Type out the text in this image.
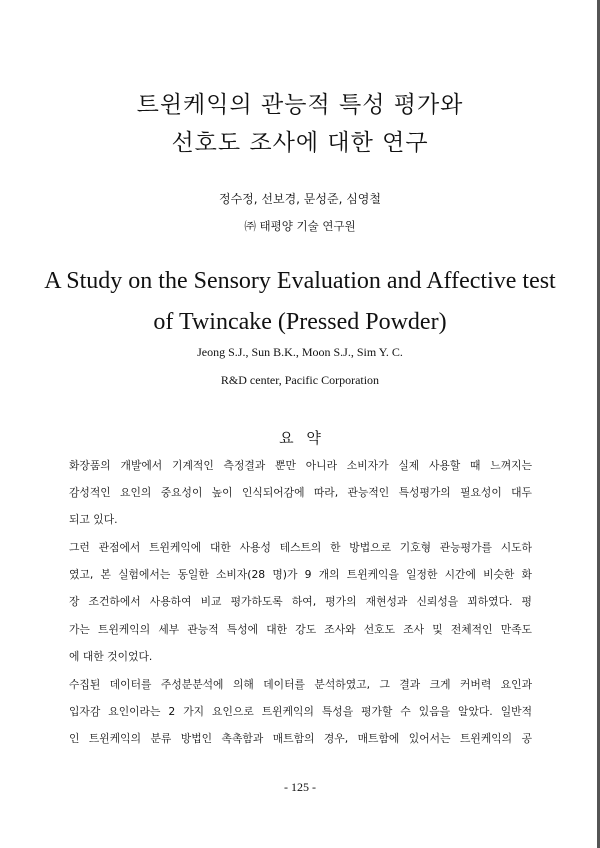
트윈케익의 관능적 특성 평가와
선호도 조사에 대한 연구
정수정, 선보경, 문성준, 심영철
㈜ 태평양 기술 연구원
A Study on the Sensory Evaluation and Affective test
of Twincake (Pressed Powder)
Jeong S.J., Sun B.K., Moon S.J., Sim Y. C.
R&D center, Pacific Corporation
요 약
화장품의 개발에서 기계적인 측정결과 뿐만 아니라 소비자가 실제 사용할 때 느껴지는
감성적인 요인의 중요성이 높이 인식되어감에 따라, 관능적인 특성평가의 필요성이 대두
되고 있다.
그런 관점에서 트윈케익에 대한 사용성 테스트의 한 방법으로 기호형 관능평가를 시도하
였고, 본 실험에서는 동일한 소비자(28 명)가 9 개의 트윈케익을 일정한 시간에 비슷한 화
장 조건하에서 사용하여 비교 평가하도록 하여, 평가의 재현성과 신뢰성을 꾀하였다. 평
가는 트윈케익의 세부 관능적 특성에 대한 강도 조사와 선호도 조사 및 전체적인 만족도
에 대한 것이었다.
수집된 데이터를 주성분분석에 의해 데이터를 분석하였고, 그 결과 크게 커버력 요인과
입자감 요인이라는 2 가지 요인으로 트윈케익의 특성을 평가할 수 있음을 알았다. 일반적
인 트윈케익의 분류 방법인 촉촉함과 매트함의 경우, 매트함에 있어서는 트윈케익의 공
- 125 -
